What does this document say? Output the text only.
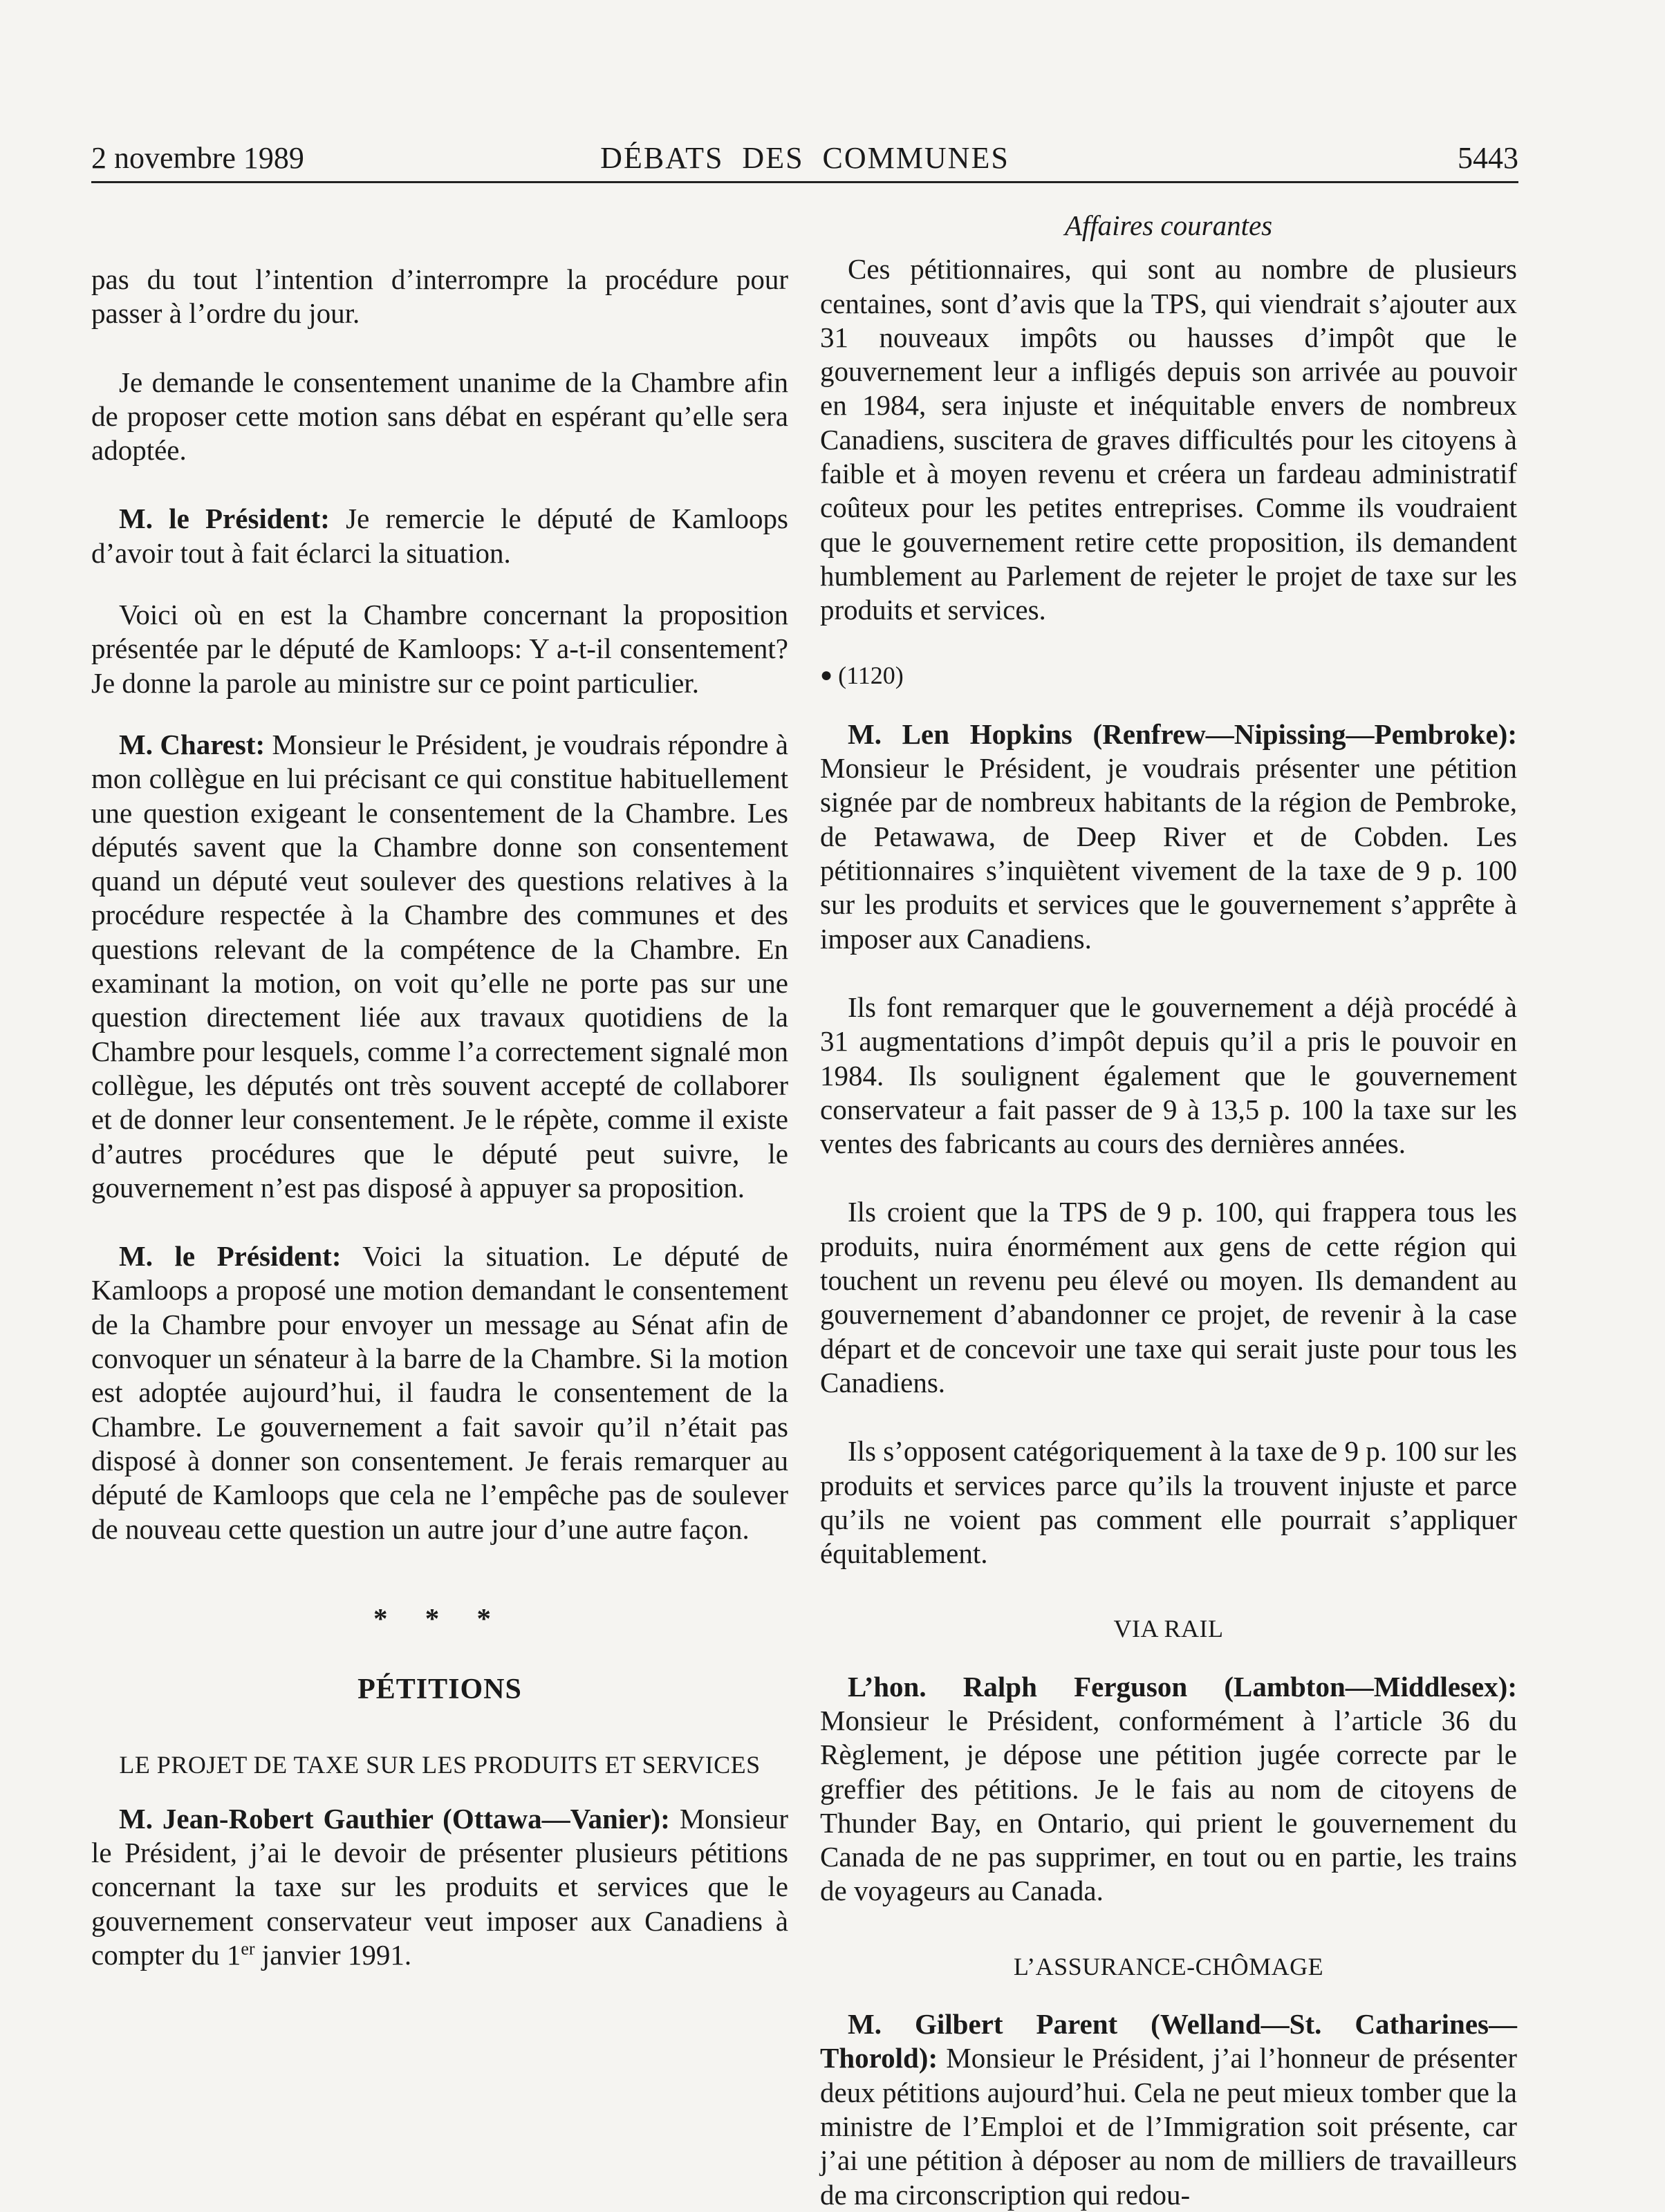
2 novembre 1989	DÉBATS DES COMMUNES	5443

pas du tout l’intention d’interrompre la procédure pour passer à l’ordre du jour.

Je demande le consentement unanime de la Chambre afin de proposer cette motion sans débat en espérant qu’elle sera adoptée.

M. le Président: Je remercie le député de Kamloops d’avoir tout à fait éclarci la situation.

Voici où en est la Chambre concernant la proposition présentée par le député de Kamloops: Y a-t-il consentement? Je donne la parole au ministre sur ce point particulier.

M. Charest: Monsieur le Président, je voudrais répondre à mon collègue en lui précisant ce qui constitue habituellement une question exigeant le consentement de la Chambre. Les députés savent que la Chambre donne son consentement quand un député veut soulever des questions relatives à la procédure respectée à la Chambre des communes et des questions relevant de la compétence de la Chambre. En examinant la motion, on voit qu’elle ne porte pas sur une question directement liée aux travaux quotidiens de la Chambre pour lesquels, comme l’a correctement signalé mon collègue, les députés ont très souvent accepté de collaborer et de donner leur consentement. Je le répète, comme il existe d’autres procédures que le député peut suivre, le gouvernement n’est pas disposé à appuyer sa proposition.

M. le Président: Voici la situation. Le député de Kamloops a proposé une motion demandant le consentement de la Chambre pour envoyer un message au Sénat afin de convoquer un sénateur à la barre de la Chambre. Si la motion est adoptée aujourd’hui, il faudra le consentement de la Chambre. Le gouvernement a fait savoir qu’il n’était pas disposé à donner son consentement. Je ferais remarquer au député de Kamloops que cela ne l’empêche pas de soulever de nouveau cette question un autre jour d’une autre façon.

* * *

PÉTITIONS

LE PROJET DE TAXE SUR LES PRODUITS ET SERVICES

M. Jean-Robert Gauthier (Ottawa—Vanier): Monsieur le Président, j’ai le devoir de présenter plusieurs pétitions concernant la taxe sur les produits et services que le gouvernement conservateur veut imposer aux Canadiens à compter du 1er janvier 1991.

Affaires courantes

Ces pétitionnaires, qui sont au nombre de plusieurs centaines, sont d’avis que la TPS, qui viendrait s’ajouter aux 31 nouveaux impôts ou hausses d’impôt que le gouvernement leur a infligés depuis son arrivée au pouvoir en 1984, sera injuste et inéquitable envers de nombreux Canadiens, suscitera de graves difficultés pour les citoyens à faible et à moyen revenu et créera un fardeau administratif coûteux pour les petites entreprises. Comme ils voudraient que le gouvernement retire cette proposition, ils demandent humblement au Parlement de rejeter le projet de taxe sur les produits et services.

● (1120)

M. Len Hopkins (Renfrew—Nipissing—Pembroke): Monsieur le Président, je voudrais présenter une pétition signée par de nombreux habitants de la région de Pembroke, de Petawawa, de Deep River et de Cobden. Les pétitionnaires s’inquiètent vivement de la taxe de 9 p. 100 sur les produits et services que le gouvernement s’apprête à imposer aux Canadiens.

Ils font remarquer que le gouvernement a déjà procédé à 31 augmentations d’impôt depuis qu’il a pris le pouvoir en 1984. Ils soulignent également que le gouvernement conservateur a fait passer de 9 à 13,5 p. 100 la taxe sur les ventes des fabricants au cours des dernières années.

Ils croient que la TPS de 9 p. 100, qui frappera tous les produits, nuira énormément aux gens de cette région qui touchent un revenu peu élevé ou moyen. Ils demandent au gouvernement d’abandonner ce projet, de revenir à la case départ et de concevoir une taxe qui serait juste pour tous les Canadiens.

Ils s’opposent catégoriquement à la taxe de 9 p. 100 sur les produits et services parce qu’ils la trouvent injuste et parce qu’ils ne voient pas comment elle pourrait s’appliquer équitablement.

VIA RAIL

L’hon. Ralph Ferguson (Lambton—Middlesex): Monsieur le Président, conformément à l’article 36 du Règlement, je dépose une pétition jugée correcte par le greffier des pétitions. Je le fais au nom de citoyens de Thunder Bay, en Ontario, qui prient le gouvernement du Canada de ne pas supprimer, en tout ou en partie, les trains de voyageurs au Canada.

L’ASSURANCE-CHÔMAGE

M. Gilbert Parent (Welland—St. Catharines—Thorold): Monsieur le Président, j’ai l’honneur de présenter deux pétitions aujourd’hui. Cela ne peut mieux tomber que la ministre de l’Emploi et de l’Immigration soit présente, car j’ai une pétition à déposer au nom de milliers de travailleurs de ma circonscription qui redou-
